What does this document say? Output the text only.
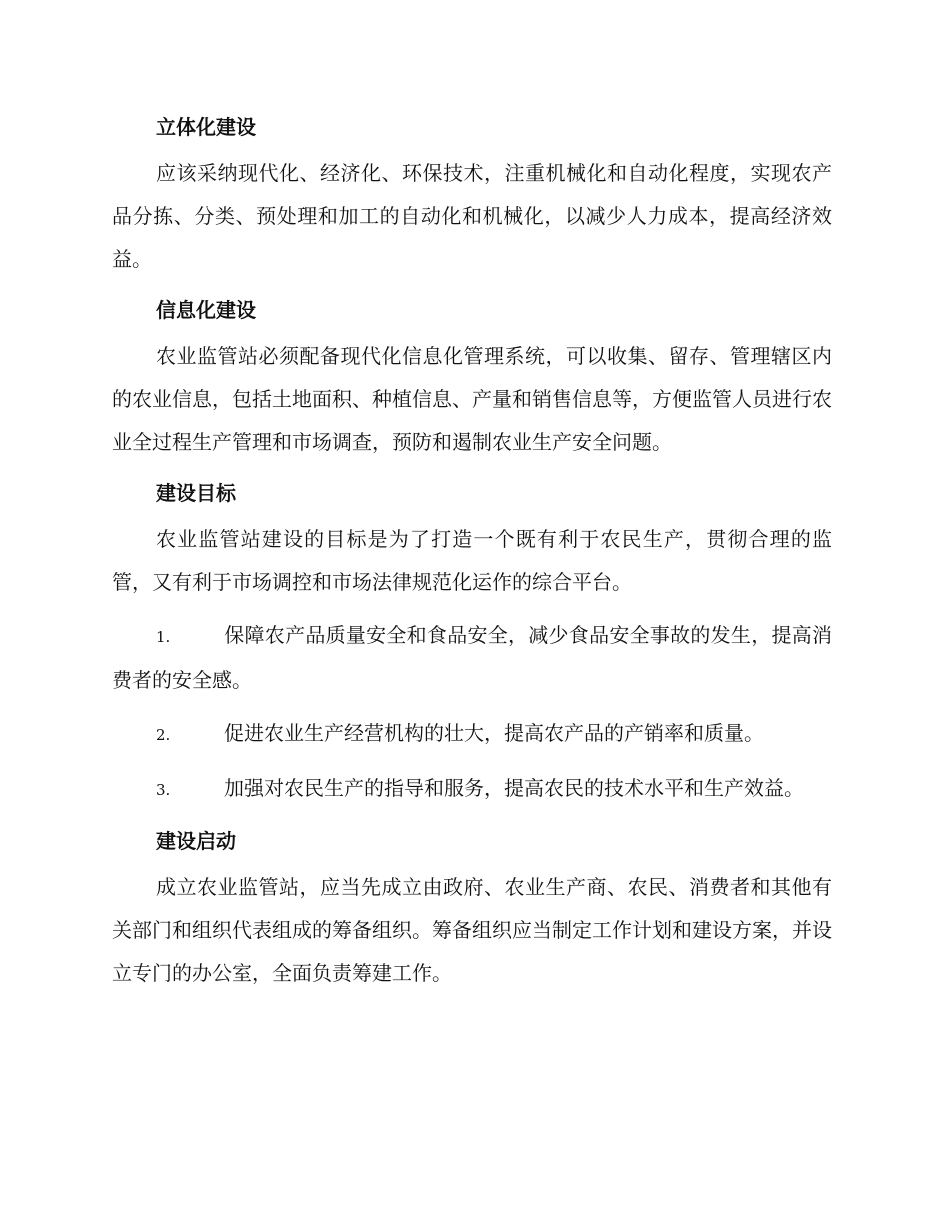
立体化建设

应该采纳现代化、经济化、环保技术，注重机械化和自动化程度，实现农产品分拣、分类、预处理和加工的自动化和机械化，以减少人力成本，提高经济效益。

信息化建设

农业监管站必须配备现代化信息化管理系统，可以收集、留存、管理辖区内的农业信息，包括土地面积、种植信息、产量和销售信息等，方便监管人员进行农业全过程生产管理和市场调查，预防和遏制农业生产安全问题。

建设目标

农业监管站建设的目标是为了打造一个既有利于农民生产，贯彻合理的监管，又有利于市场调控和市场法律规范化运作的综合平台。

1.	保障农产品质量安全和食品安全，减少食品安全事故的发生，提高消费者的安全感。
2.	促进农业生产经营机构的壮大，提高农产品的产销率和质量。
3.	加强对农民生产的指导和服务，提高农民的技术水平和生产效益。
建设启动

成立农业监管站，应当先成立由政府、农业生产商、农民、消费者和其他有关部门和组织代表组成的筹备组织。筹备组织应当制定工作计划和建设方案，并设立专门的办公室，全面负责筹建工作。
